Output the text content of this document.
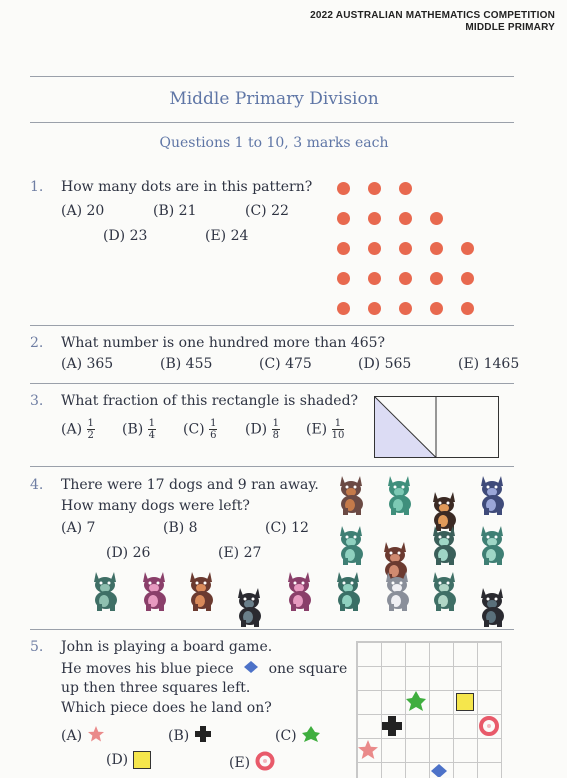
2022 AUSTRALIAN MATHEMATICS COMPETITION
MIDDLE PRIMARY
Middle Primary Division
Questions 1 to 10, 3 marks each
1. How many dots are in this pattern?
(A) 20	(B) 21	(C) 22
(D) 23	(E) 24
2. What number is one hundred more than 465?
(A) 365	(B) 455	(C) 475	(D) 565	(E) 1465
3. What fraction of this rectangle is shaded?
$(A) \frac{1}{2} (B) \frac{1}{4} (C) \frac{1}{6} (D) \frac{1}{8} (E) \frac{1}{10}$
4. There were 17 dogs and 9 ran away.
How many dogs were left?
(A) 7	(B) 8	(C) 12
(D) 26	(E) 27
5. John is playing a board game.
He moves his blue piece one square
up then three squares left.
Which piece does he land on?
(A)	(B)	(C)
(D)	(E)
